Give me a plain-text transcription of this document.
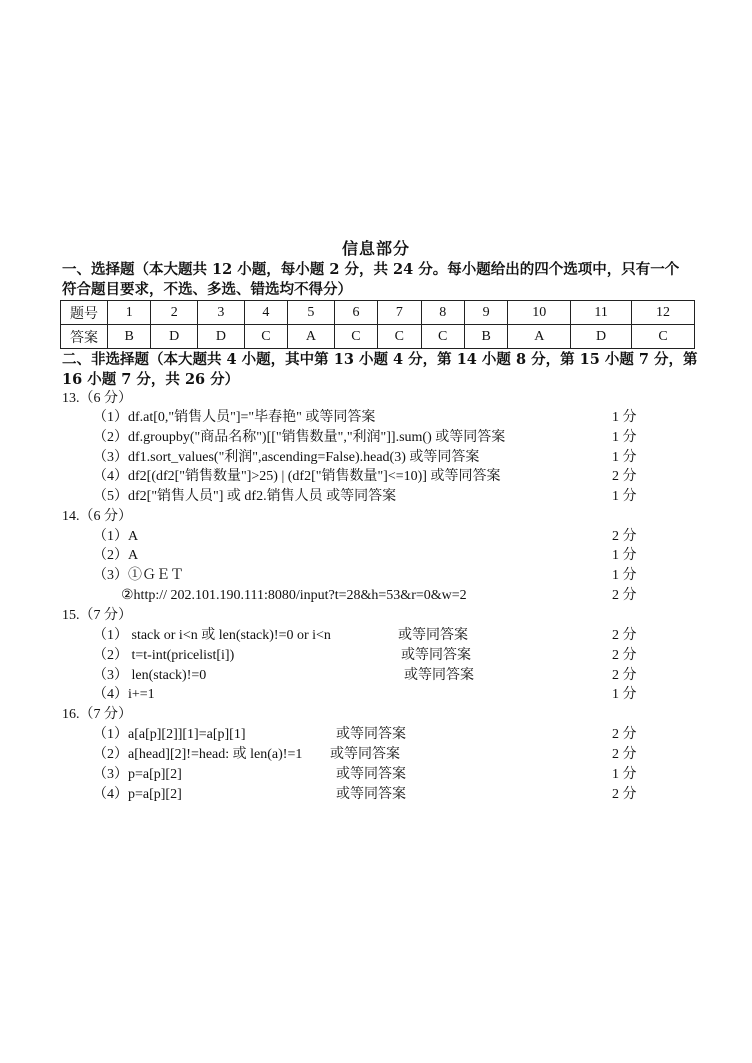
信息部分
一、选择题（本大题共 12 小题，每小题 2 分，共 24 分。每小题给出的四个选项中，只有一个
符合题目要求，不选、多选、错选均不得分）
题号	1	2	3	4	5	6	7	8	9	10	11	12
答案	B	D	D	C	A	C	C	C	B	A	D	C
二、非选择题（本大题共 4 小题，其中第 13 小题 4 分，第 14 小题 8 分，第 15 小题 7 分，第
16 小题 7 分，共 26 分）
13.（6 分）
（1）df.at[0,"销售人员"]="毕春艳" 或等同答案	1 分
（2）df.groupby("商品名称")[["销售数量","利润"]].sum() 或等同答案	1 分
（3）df1.sort_values("利润",ascending=False).head(3) 或等同答案	1 分
（4）df2[(df2["销售数量"]>25) | (df2["销售数量"]<=10)] 或等同答案	2 分
（5）df2["销售人员"] 或 df2.销售人员 或等同答案	1 分
14.（6 分）
（1）A	2 分
（2）A	1 分
（3）①ＧＥＴ	1 分
②http:// 202.101.190.111:8080/input?t=28&h=53&r=0&w=2	2 分
15.（7 分）
（1） stack or i<n 或 len(stack)!=0 or i<n	或等同答案	2 分
（2） t=t-int(pricelist[i])	或等同答案	2 分
（3） len(stack)!=0	或等同答案	2 分
（4）i+=1	1 分
16.（7 分）
（1）a[a[p][2]][1]=a[p][1]	或等同答案	2 分
（2）a[head][2]!=head: 或 len(a)!=1 或等同答案	2 分
（3）p=a[p][2]	或等同答案	1 分
（4）p=a[p][2]	或等同答案	2 分
